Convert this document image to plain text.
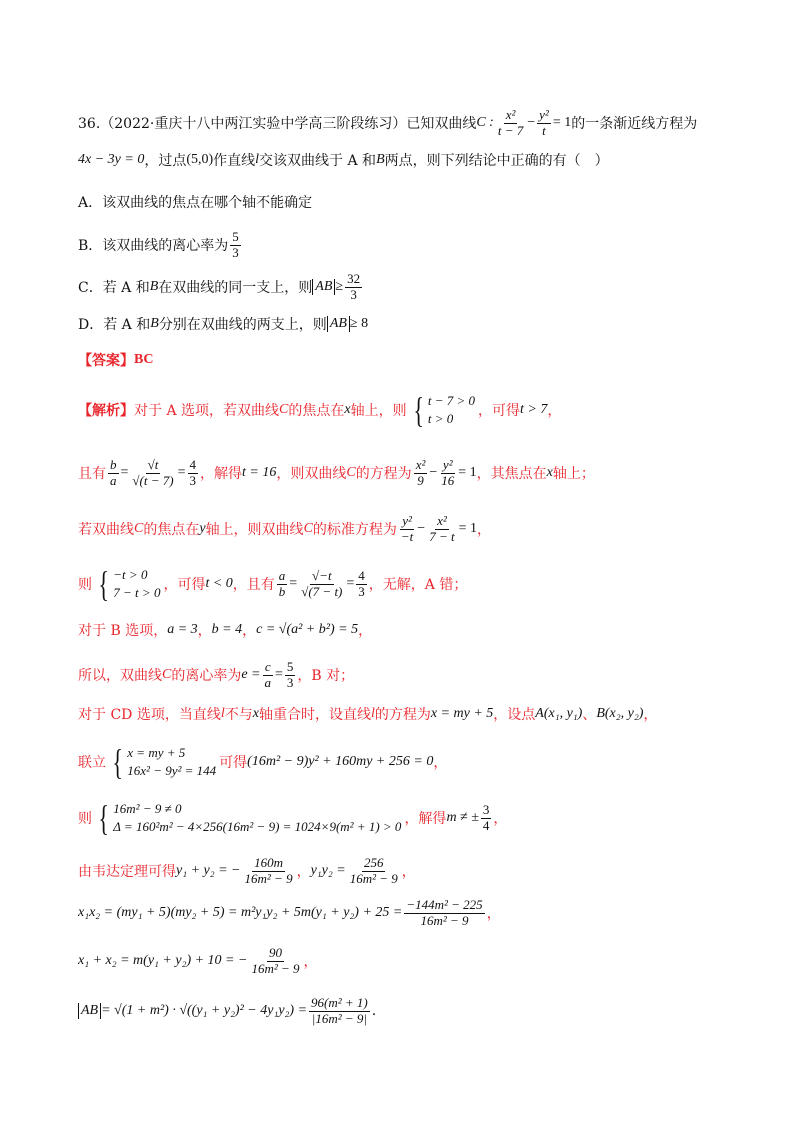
36.（2022·重庆十八中两江实验中学高三阶段练习）已知双曲线 C : $\frac{\text{x²}}{t - 7} - \frac{\text{y²}}{t} = 1$ 的一条渐近线方程为
4x − 3y = 0 ，过点 (5,0) 作直线 l 交该双曲线于 A 和 B 两点，则下列结论中正确的有（　）
A．该双曲线的焦点在哪个轴不能确定
B．该双曲线的离心率为 $\frac{5}{3}$
C．若 A 和 B 在双曲线的同一支上，则 AB ≥ $\frac{32}{3}$
D．若 A 和 B 分别在双曲线的两支上，则 AB ≥ 8
【答案】 BC
【解析】 对于 A 选项，若双曲线 C 的焦点在 x 轴上，则 { t − 7 > 0
t > 0	，可得 t > 7 ，
且有 $\frac{b}{a} = \frac{√t}{√(t - 7)} = \frac{4}{3}$ ，解得 t = 16 ，则双曲线 C 的方程为 $\frac{\text{x²}}{9} - \frac{\text{y²}}{16} = 1$ ，其焦点在 x 轴上；
若双曲线 C 的焦点在 y 轴上，则双曲线 C 的标准方程为 $\frac{\text{y²}}{-t} - \frac{\text{x²}}{7 - t} = 1$ ，
则 { −t > 0
7 − t > 0 ，可得 t < 0 ，且有 $\frac{a}{b} = \frac{√-t}{√(7 - t)} = \frac{4}{3}$ ，无解，A 错；
对于 B 选项， a = 3 ， b = 4 ， c = √(a² + b²) = 5 ，
所以，双曲线 C 的离心率为 $e = \frac{c}{a} = \frac{5}{3}$ ，B 对；
对于 CD 选项，当直线 l 不与 x 轴重合时，设直线 l 的方程为 x = my + 5 ，设点 A(x₁, y₁) 、 B(x₂, y₂) ，
联立 { x = my + 5
16x² − 9y² = 144 可得 (16m² − 9)y² + 160my + 256 = 0 ，
则 { 16m² − 9 ≠ 0
Δ = 160²m² − 4×256(16m² − 9) = 1024×9(m² + 1) > 0 ，解得 m ≠ ± $\frac{3}{4}$ ，
由韦达定理可得 y₁ + y₂ = − $\frac{160m}{\text{16m² − 9}}$ ， $y_1y_2 = \frac{256}{\text{16m² − 9}}$ ，
$x_1x_2 = (my_1 + 5)(my_2 + 5) = m^2y_1y_2 + 5m(y_1 + y_2) + 25 = \frac{\text{−144m² − 225}}{\text{16m² − 9}}$ ，
x₁ + x₂ = m(y₁ + y₂) + 10 = − $\frac{90}{\text{16m² − 9}}$ ，
AB = $√(1 + m^2) \cdot √((y_1 + y_2)^2 - 4y_1y_2) = \frac{\text{96(m² + 1)}}{\text{|16m² − 9|}}$ .
